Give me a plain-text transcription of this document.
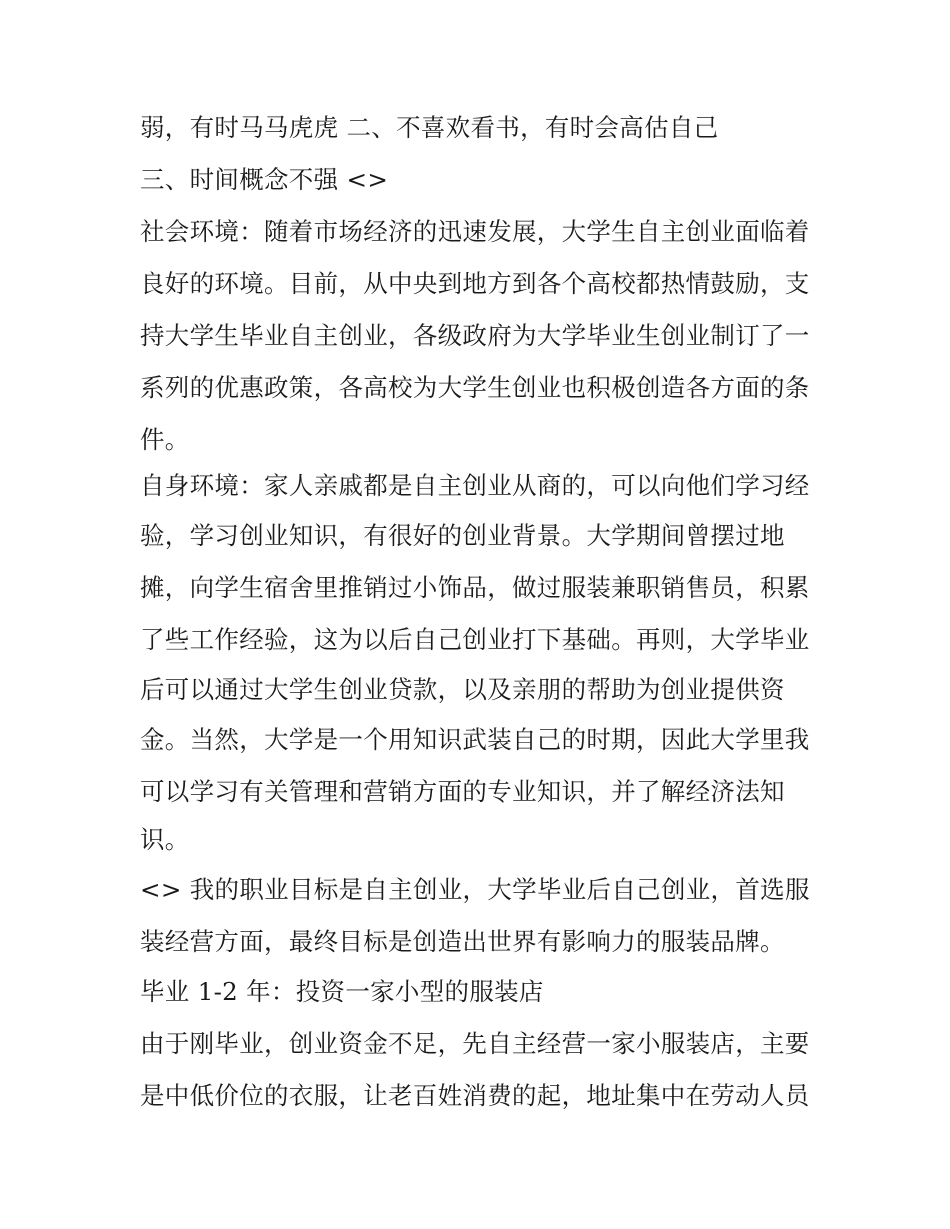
弱，有时马马虎虎 二、不喜欢看书，有时会高估自己
三、时间概念不强 <>
社会环境：随着市场经济的迅速发展，大学生自主创业面临着
良好的环境。目前，从中央到地方到各个高校都热情鼓励，支
持大学生毕业自主创业，各级政府为大学毕业生创业制订了一
系列的优惠政策，各高校为大学生创业也积极创造各方面的条
件。
自身环境：家人亲戚都是自主创业从商的，可以向他们学习经
验，学习创业知识，有很好的创业背景。大学期间曾摆过地
摊，向学生宿舍里推销过小饰品，做过服装兼职销售员，积累
了些工作经验，这为以后自己创业打下基础。再则，大学毕业
后可以通过大学生创业贷款，以及亲朋的帮助为创业提供资
金。当然，大学是一个用知识武装自己的时期，因此大学里我
可以学习有关管理和营销方面的专业知识，并了解经济法知
识。
<> 我的职业目标是自主创业，大学毕业后自己创业，首选服
装经营方面，最终目标是创造出世界有影响力的服装品牌。
毕业 1-2 年：投资一家小型的服装店
由于刚毕业，创业资金不足，先自主经营一家小服装店，主要
是中低价位的衣服，让老百姓消费的起，地址集中在劳动人员
